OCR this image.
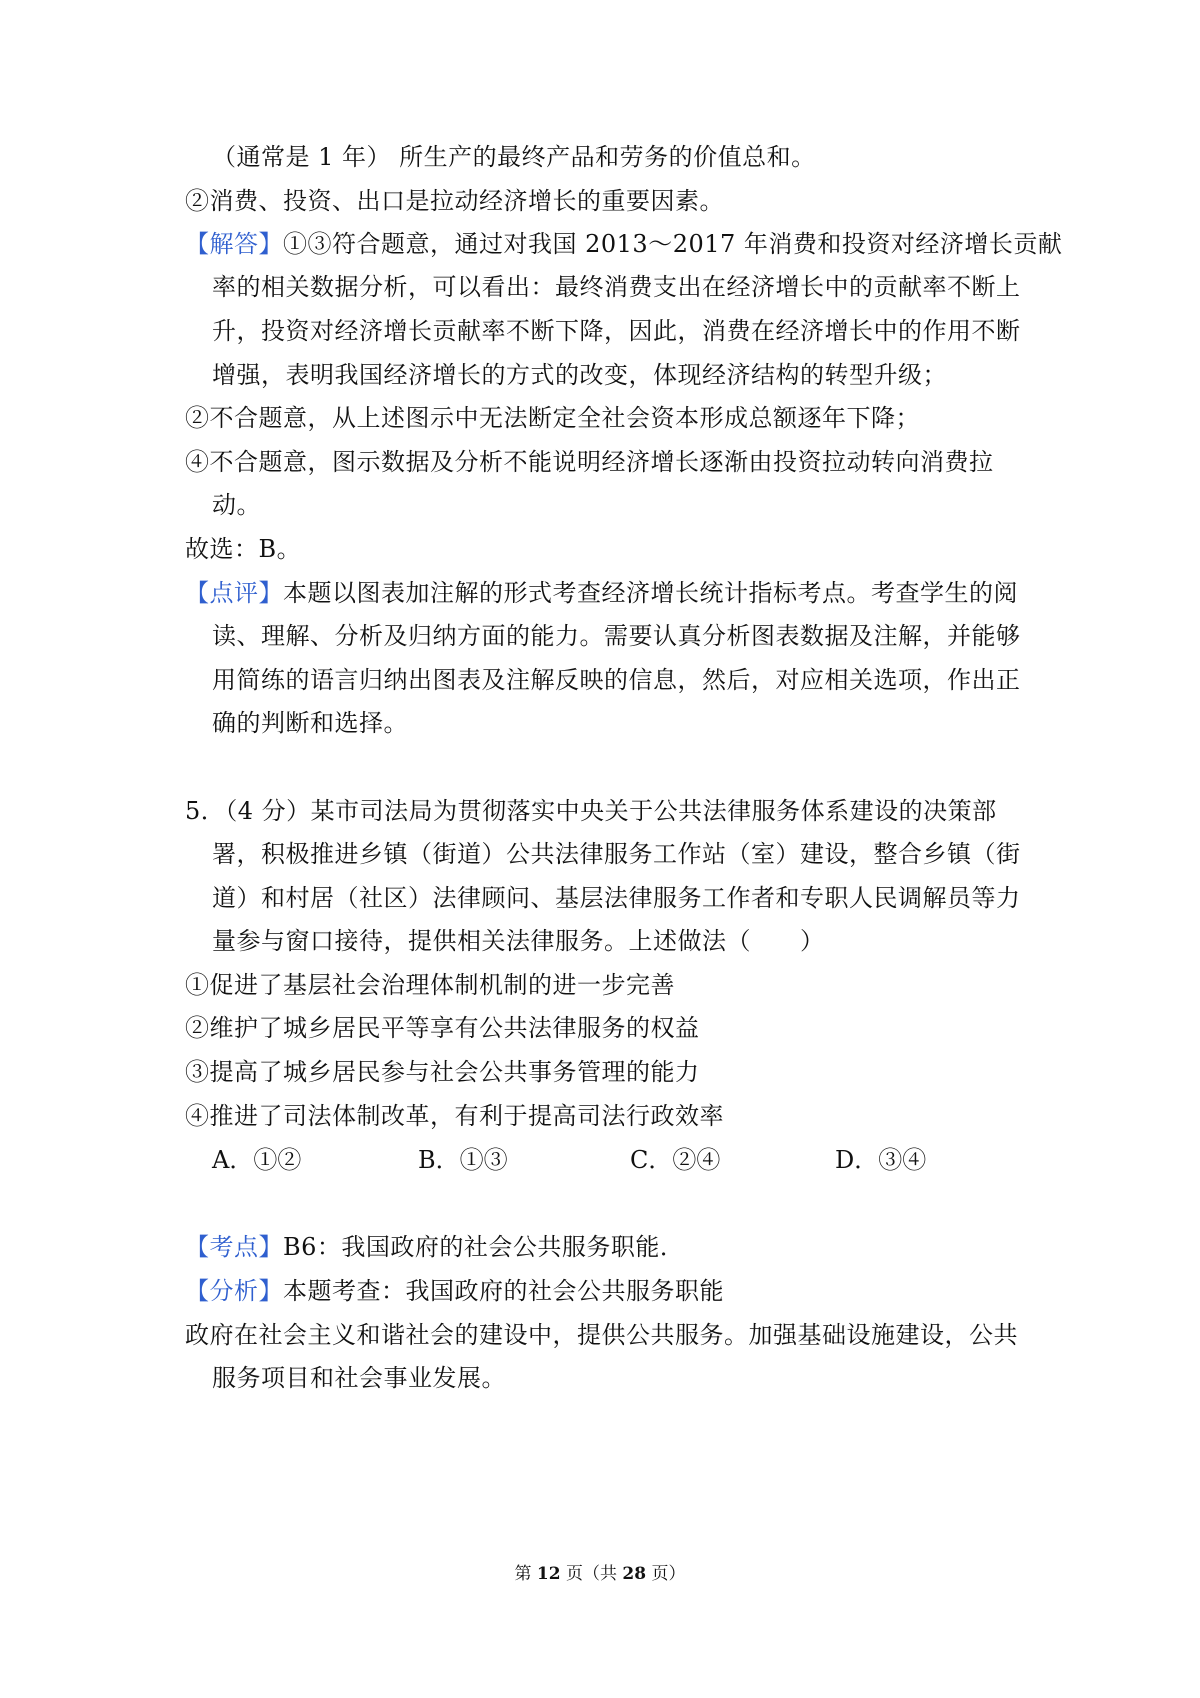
（通常是 1 年） 所生产的最终产品和劳务的价值总和。
②消费、投资、出口是拉动经济增长的重要因素。
【解答】①③符合题意，通过对我国 2013～2017 年消费和投资对经济增长贡献
率的相关数据分析，可以看出：最终消费支出在经济增长中的贡献率不断上
升，投资对经济增长贡献率不断下降，因此，消费在经济增长中的作用不断
增强，表明我国经济增长的方式的改变，体现经济结构的转型升级；
②不合题意，从上述图示中无法断定全社会资本形成总额逐年下降；
④不合题意，图示数据及分析不能说明经济增长逐渐由投资拉动转向消费拉
动。
故选：B。
【点评】本题以图表加注解的形式考查经济增长统计指标考点。考查学生的阅
读、理解、分析及归纳方面的能力。需要认真分析图表数据及注解，并能够
用简练的语言归纳出图表及注解反映的信息，然后，对应相关选项，作出正
确的判断和选择。
5．（4 分）某市司法局为贯彻落实中央关于公共法律服务体系建设的决策部
署，积极推进乡镇（街道）公共法律服务工作站（室）建设，整合乡镇（街
道）和村居（社区）法律顾问、基层法律服务工作者和专职人民调解员等力
量参与窗口接待，提供相关法律服务。上述做法（　　）
①促进了基层社会治理体制机制的进一步完善
②维护了城乡居民平等享有公共法律服务的权益
③提高了城乡居民参与社会公共事务管理的能力
④推进了司法体制改革，有利于提高司法行政效率
A．①②	B．①③	C．②④	D．③④
【考点】B6：我国政府的社会公共服务职能．
【分析】本题考查：我国政府的社会公共服务职能
政府在社会主义和谐社会的建设中，提供公共服务。加强基础设施建设，公共
服务项目和社会事业发展。
第 12 页（共 28 页）
